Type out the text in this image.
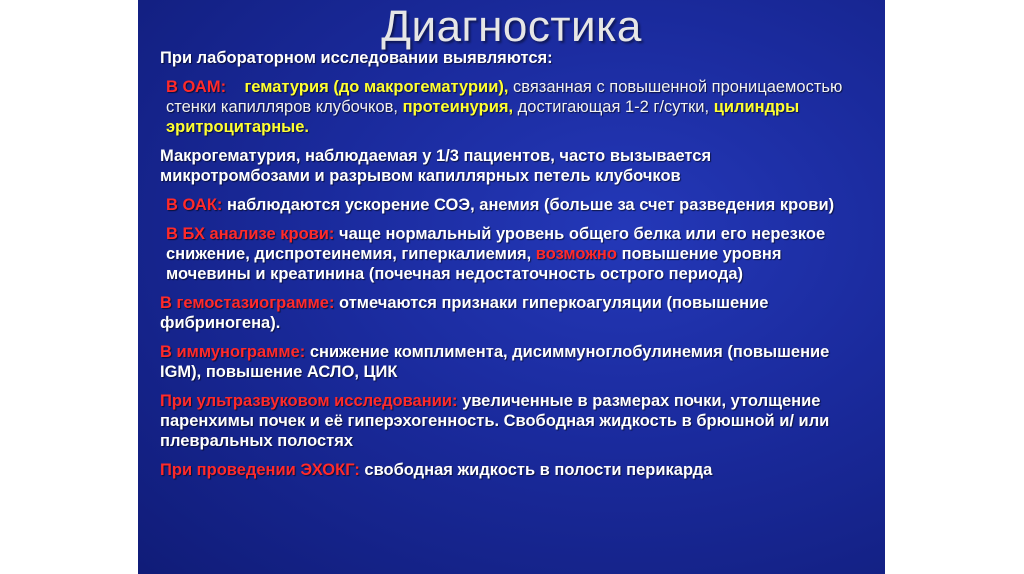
Диагностика

При лабораторном исследовании выявляются:

В ОАМ: гематурия (до макрогематурии), связанная с повышенной проницаемостью стенки капилляров клубочков, протеинурия, достигающая 1-2 г/сутки, цилиндры эритроцитарные.

Макрогематурия, наблюдаемая у 1/3 пациентов, часто вызывается микротромбозами и разрывом капиллярных петель клубочков

В ОАК: наблюдаются ускорение СОЭ, анемия (больше за счет разведения крови)

В БХ анализе крови: чаще нормальный уровень общего белка или его нерезкое снижение, диспротеинемия, гиперкалиемия, возможно повышение уровня мочевины и креатинина (почечная недостаточность острого периода)

В гемостазиограмме: отмечаются признаки гиперкоагуляции (повышение фибриногена).

В иммунограмме: снижение комплимента, дисиммуноглобулинемия (повышение IGM), повышение АСЛО, ЦИК

При ультразвуковом исследовании: увеличенные в размерах почки, утолщение паренхимы почек и её гиперэхогенность. Свободная жидкость в брюшной и/ или плевральных полостях

При проведении ЭХОКГ: свободная жидкость в полости перикарда
